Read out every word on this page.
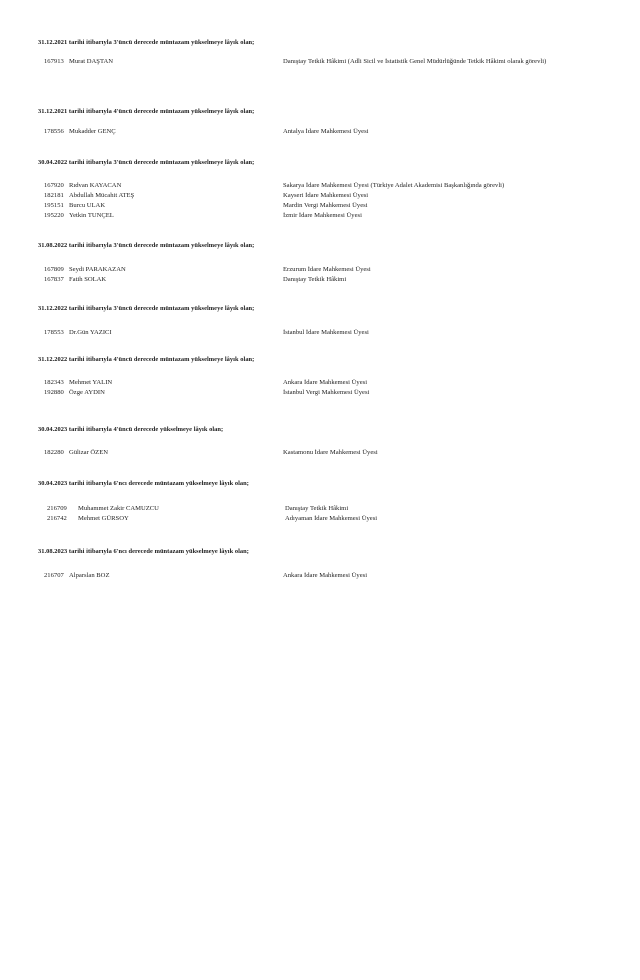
31.12.2021 tarihi itibarıyla 3'üncü derecede müntazam yükselmeye lâyık olan;
167913 Murat DAŞTAN	Danıştay Tetkik Hâkimi (Adli Sicil ve İstatistik Genel Müdürlüğünde Tetkik Hâkimi olarak görevli)
31.12.2021 tarihi itibarıyla 4'üncü derecede müntazam yükselmeye lâyık olan;
178556 Mukadder GENÇ	Antalya İdare Mahkemesi Üyesi
30.04.2022 tarihi itibarıyla 3'üncü derecede müntazam yükselmeye lâyık olan;
167920 Rıdvan KAYACAN	Sakarya İdare Mahkemesi Üyesi (Türkiye Adalet Akademisi Başkanlığında görevli)
182181 Abdullah Mücahit ATEŞ	Kayseri İdare Mahkemesi Üyesi
195151 Burcu ULAK	Mardin Vergi Mahkemesi Üyesi
195220 Yetkin TUNÇEL	İzmir İdare Mahkemesi Üyesi
31.08.2022 tarihi itibarıyla 3'üncü derecede müntazam yükselmeye lâyık olan;
167809 Seydi PARAKAZAN	Erzurum İdare Mahkemesi Üyesi
167837 Fatih SOLAK	Danıştay Tetkik Hâkimi
31.12.2022 tarihi itibarıyla 3'üncü derecede müntazam yükselmeye lâyık olan;
178553 Dr.Gün YAZICI	İstanbul İdare Mahkemesi Üyesi
31.12.2022 tarihi itibarıyla 4'üncü derecede müntazam yükselmeye lâyık olan;
182343 Mehmet YALIN	Ankara İdare Mahkemesi Üyesi
192880 Özge AYDIN	İstanbul Vergi Mahkemesi Üyesi
30.04.2023 tarihi itibarıyla 4'üncü derecede yükselmeye lâyık olan;
182280 Gülizar ÖZEN	Kastamonu İdare Mahkemesi Üyesi
30.04.2023 tarihi itibarıyla 6'ncı derecede müntazam yükselmeye lâyık olan;
216709 Muhammet Zakir CAMUZCU	Danıştay Tetkik Hâkimi
216742 Mehmet GÜRSOY	Adıyaman İdare Mahkemesi Üyesi
31.08.2023 tarihi itibarıyla 6'ncı derecede müntazam yükselmeye lâyık olan;
216707 Alparslan BOZ	Ankara İdare Mahkemesi Üyesi
